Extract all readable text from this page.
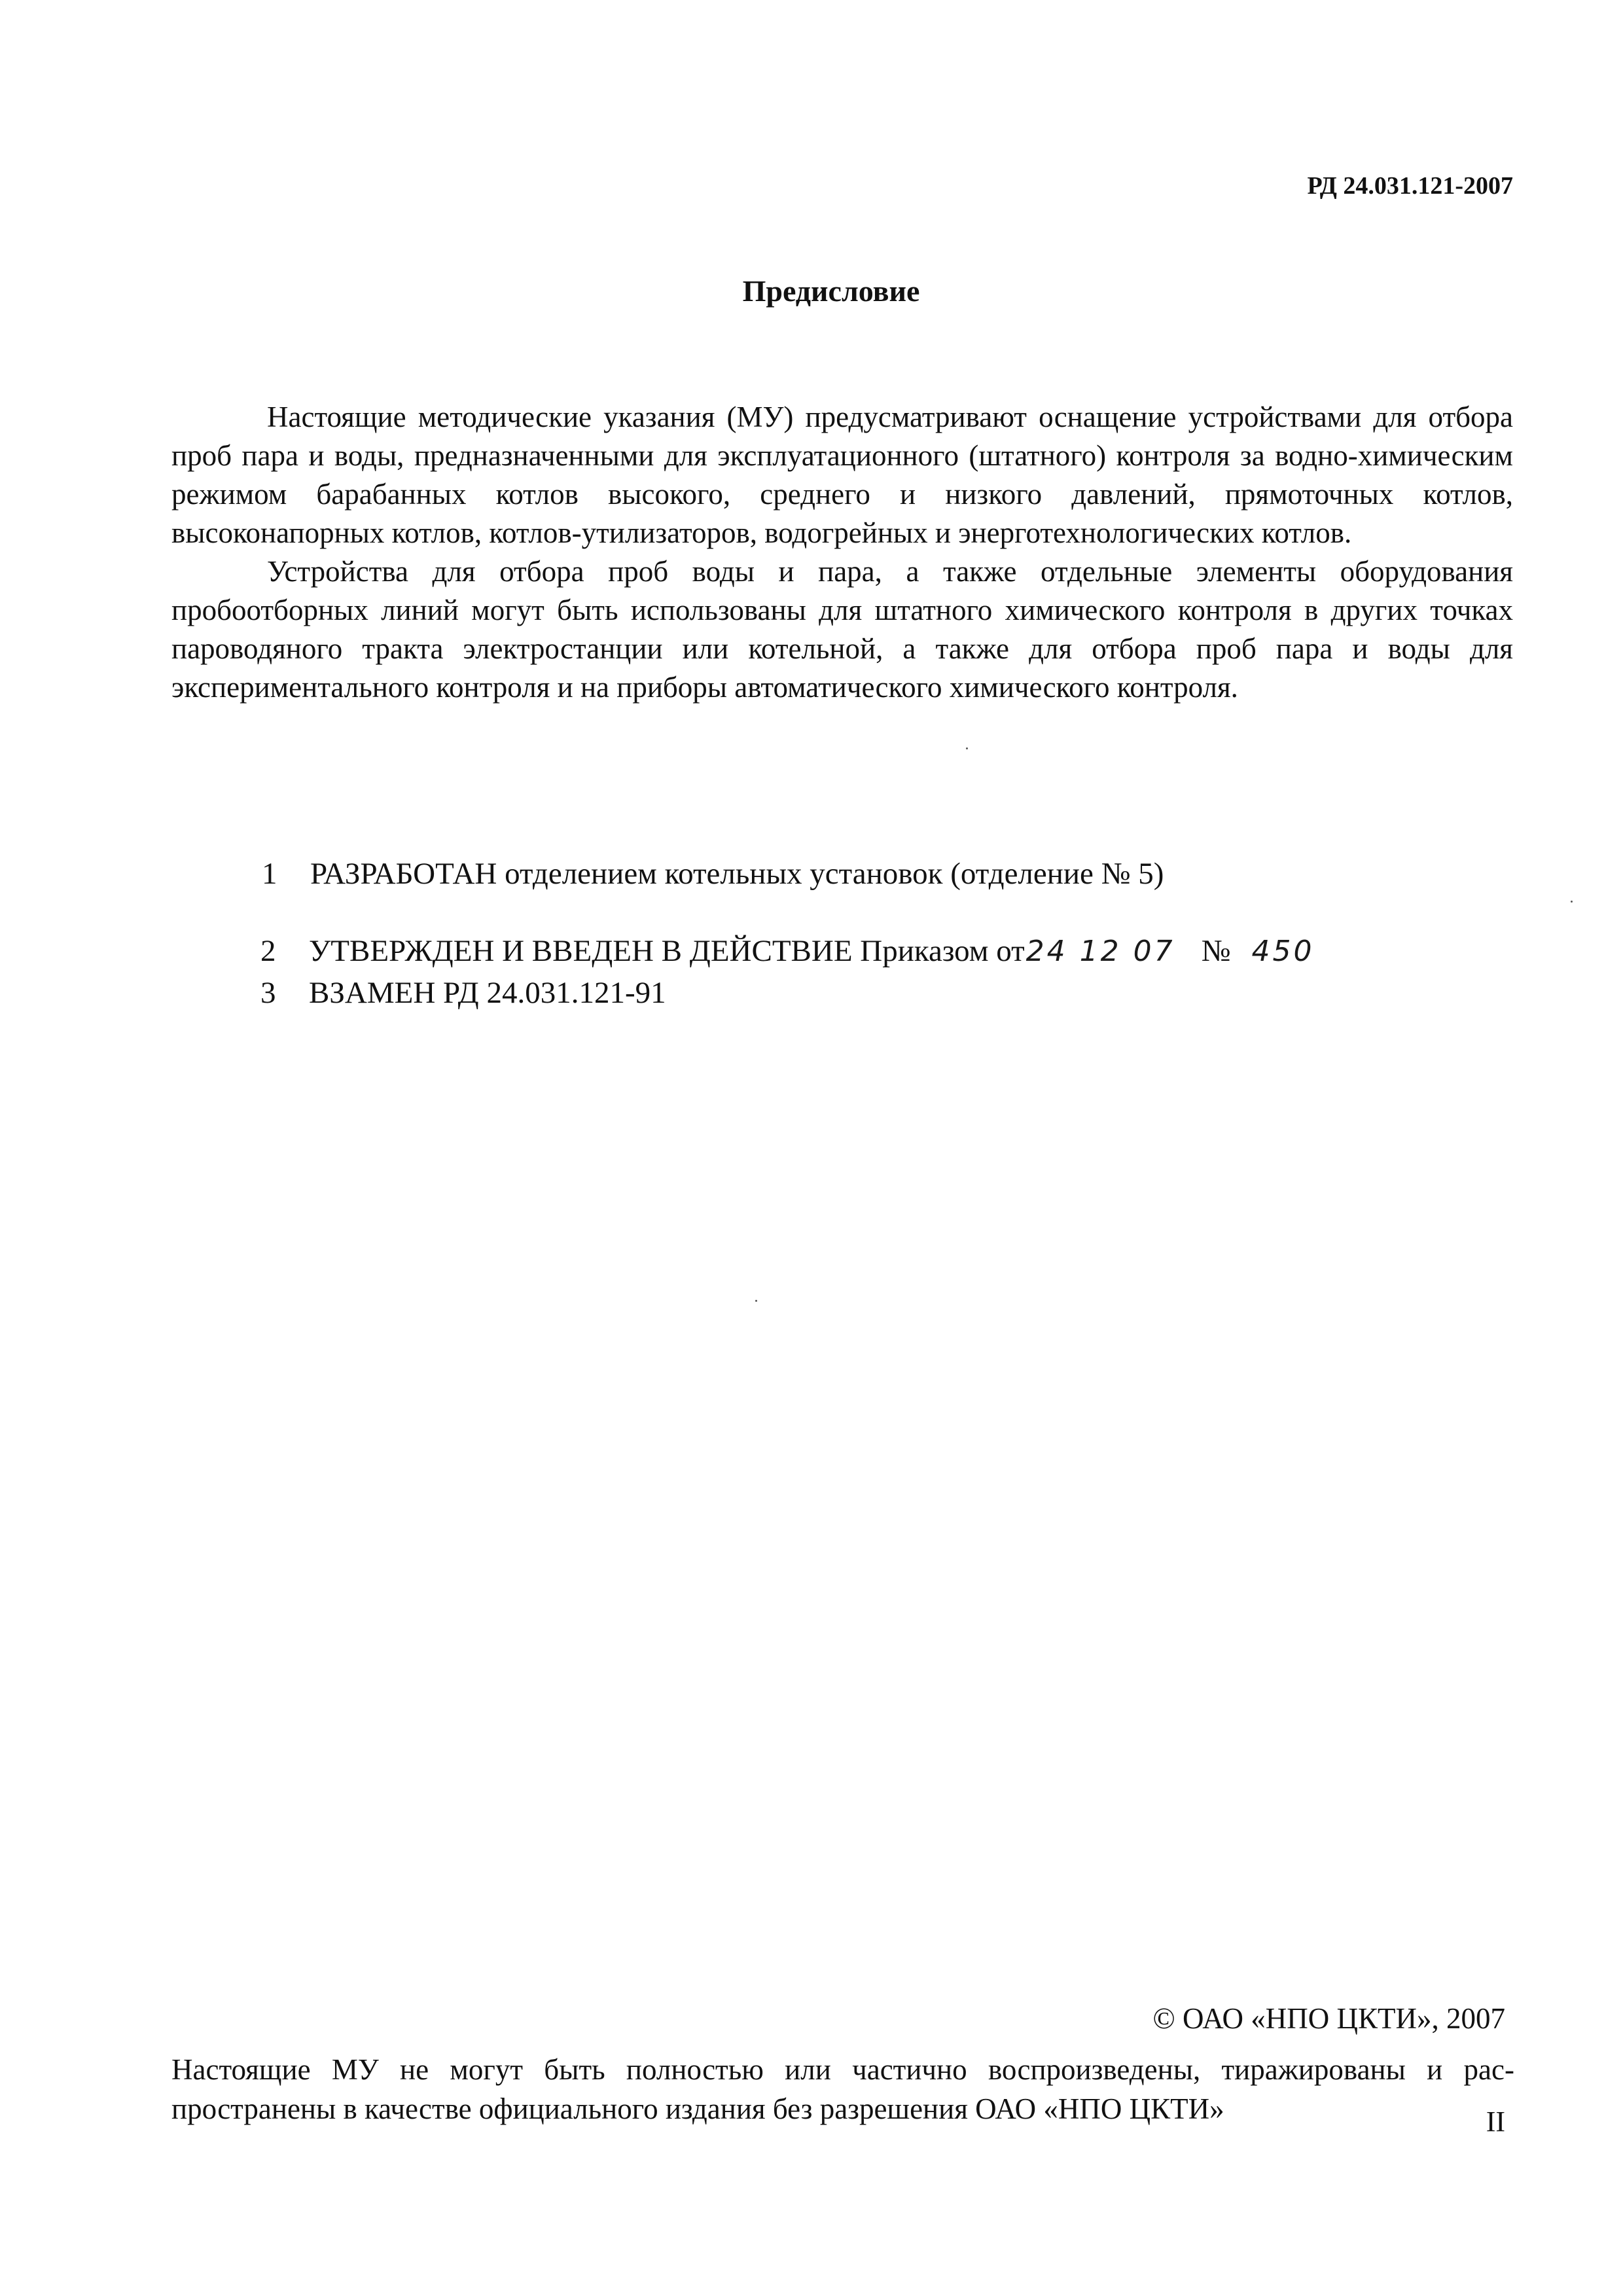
РД 24.031.121-2007
Предисловие

Настоящие методические указания (МУ) предусматривают оснащение устройствами для отбора проб пара и воды, предназначенными для эксплуатационного (штатного) контроля за водно-химическим режимом барабанных котлов высокого, среднего и низкого давлений, прямоточных котлов, высоконапорных котлов, котлов-утилизаторов, водогрейных и энерготехнологических котлов.

Устройства для отбора проб воды и пара, а также отдельные элементы оборудования пробоотборных линий могут быть использованы для штатного химического контроля в других точках пароводяного тракта электростанции или котельной, а также для отбора проб пара и воды для экспериментального контроля и на приборы автоматического химического контроля.

1	РАЗРАБОТАН отделением котельных установок (отделение № 5)
2	УТВЕРЖДЕН И ВВЕДЕН В ДЕЙСТВИЕ Приказом от 24 12 07 № 450
3	ВЗАМЕН РД 24.031.121-91
© ОАО «НПО ЦКТИ», 2007

Настоящие МУ не могут быть полностью или частично воспроизведены, тиражированы и распространены в качестве официального издания без разрешения ОАО «НПО ЦКТИ»	II
